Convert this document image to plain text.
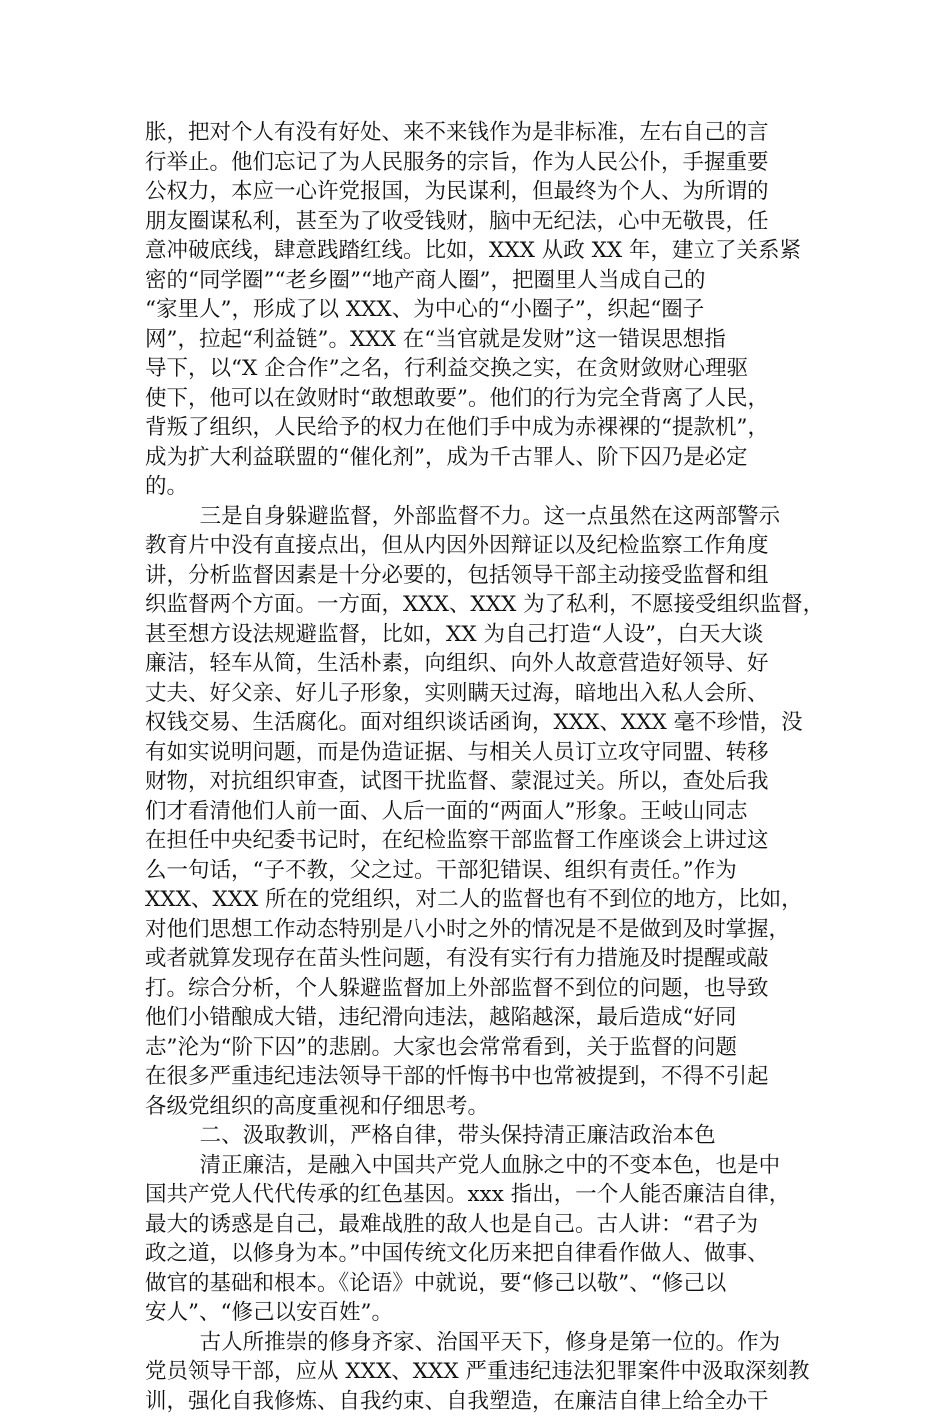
胀，把对个人有没有好处、来不来钱作为是非标准，左右自己的言
行举止。他们忘记了为人民服务的宗旨，作为人民公仆，手握重要
公权力，本应一心许党报国，为民谋利，但最终为个人、为所谓的
朋友圈谋私利，甚至为了收受钱财，脑中无纪法，心中无敬畏，任
意冲破底线，肆意践踏红线。比如，XXX 从政 XX 年，建立了关系紧
密的“同学圈”“老乡圈”“地产商人圈”，把圈里人当成自己的
“家里人”，形成了以 XXX、为中心的“小圈子”，织起“圈子
网”，拉起“利益链”。XXX 在“当官就是发财”这一错误思想指
导下，以“X 企合作”之名，行利益交换之实，在贪财敛财心理驱
使下，他可以在敛财时“敢想敢要”。他们的行为完全背离了人民，
背叛了组织，人民给予的权力在他们手中成为赤裸裸的“提款机”，
成为扩大利益联盟的“催化剂”，成为千古罪人、阶下囚乃是必定
的。
三是自身躲避监督，外部监督不力。这一点虽然在这两部警示
教育片中没有直接点出，但从内因外因辩证以及纪检监察工作角度
讲，分析监督因素是十分必要的，包括领导干部主动接受监督和组
织监督两个方面。一方面，XXX、XXX 为了私利，不愿接受组织监督，
甚至想方设法规避监督，比如，XX 为自己打造“人设”，白天大谈
廉洁，轻车从简，生活朴素，向组织、向外人故意营造好领导、好
丈夫、好父亲、好儿子形象，实则瞒天过海，暗地出入私人会所、
权钱交易、生活腐化。面对组织谈话函询，XXX、XXX 毫不珍惜，没
有如实说明问题，而是伪造证据、与相关人员订立攻守同盟、转移
财物，对抗组织审查，试图干扰监督、蒙混过关。所以，查处后我
们才看清他们人前一面、人后一面的“两面人”形象。王岐山同志
在担任中央纪委书记时，在纪检监察干部监督工作座谈会上讲过这
么一句话，“子不教，父之过。干部犯错误、组织有责任。”作为
XXX、XXX 所在的党组织，对二人的监督也有不到位的地方，比如，
对他们思想工作动态特别是八小时之外的情况是不是做到及时掌握，
或者就算发现存在苗头性问题，有没有实行有力措施及时提醒或敲
打。综合分析，个人躲避监督加上外部监督不到位的问题，也导致
他们小错酿成大错，违纪滑向违法，越陷越深，最后造成“好同
志”沦为“阶下囚”的悲剧。大家也会常常看到，关于监督的问题
在很多严重违纪违法领导干部的忏悔书中也常被提到，不得不引起
各级党组织的高度重视和仔细思考。
二、汲取教训，严格自律，带头保持清正廉洁政治本色
清正廉洁，是融入中国共产党人血脉之中的不变本色，也是中
国共产党人代代传承的红色基因。xxx 指出，一个人能否廉洁自律，
最大的诱惑是自己，最难战胜的敌人也是自己。古人讲：“君子为
政之道，以修身为本。”中国传统文化历来把自律看作做人、做事、
做官的基础和根本。《论语》中就说，要“修己以敬”、“修己以
安人”、“修己以安百姓”。
古人所推崇的修身齐家、治国平天下，修身是第一位的。作为
党员领导干部，应从 XXX、XXX 严重违纪违法犯罪案件中汲取深刻教
训，强化自我修炼、自我约束、自我塑造，在廉洁自律上给全办干
